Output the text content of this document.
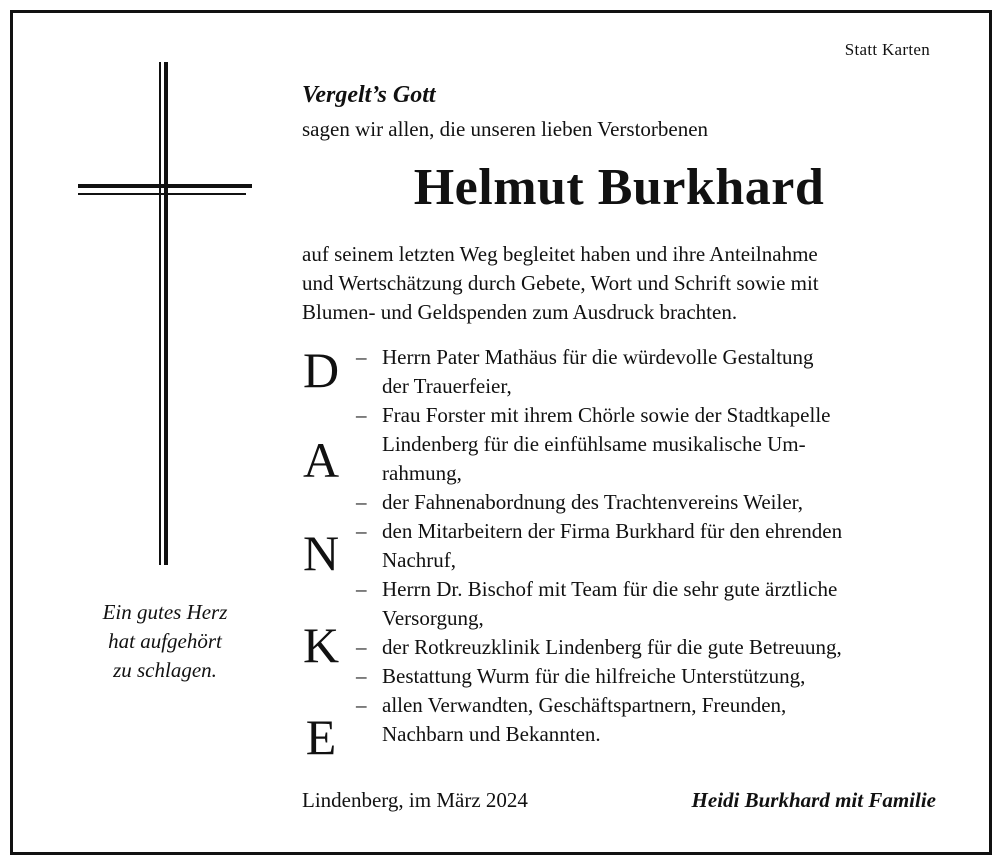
Statt Karten
Ein gutes Herz
hat aufgehört
zu schlagen.
Vergelt’s Gott
sagen wir allen, die unseren lieben Verstorbenen
Helmut Burkhard
auf seinem letzten Weg begleitet haben und ihre Anteilnahme
und Wertschätzung durch Gebete, Wort und Schrift sowie mit
Blumen- und Geldspenden zum Ausdruck brachten.
D
A
N
K
E
– Herrn Pater Mathäus für die würdevolle Gestaltung
der Trauerfeier,
– Frau Forster mit ihrem Chörle sowie der Stadtkapelle
Lindenberg für die einfühlsame musikalische Um-
rahmung,
– der Fahnenabordnung des Trachtenvereins Weiler,
– den Mitarbeitern der Firma Burkhard für den ehrenden
Nachruf,
– Herrn Dr. Bischof mit Team für die sehr gute ärztliche
Versorgung,
– der Rotkreuzklinik Lindenberg für die gute Betreuung,
– Bestattung Wurm für die hilfreiche Unterstützung,
– allen Verwandten, Geschäftspartnern, Freunden,
Nachbarn und Bekannten.
Lindenberg, im März 2024	Heidi Burkhard mit Familie
